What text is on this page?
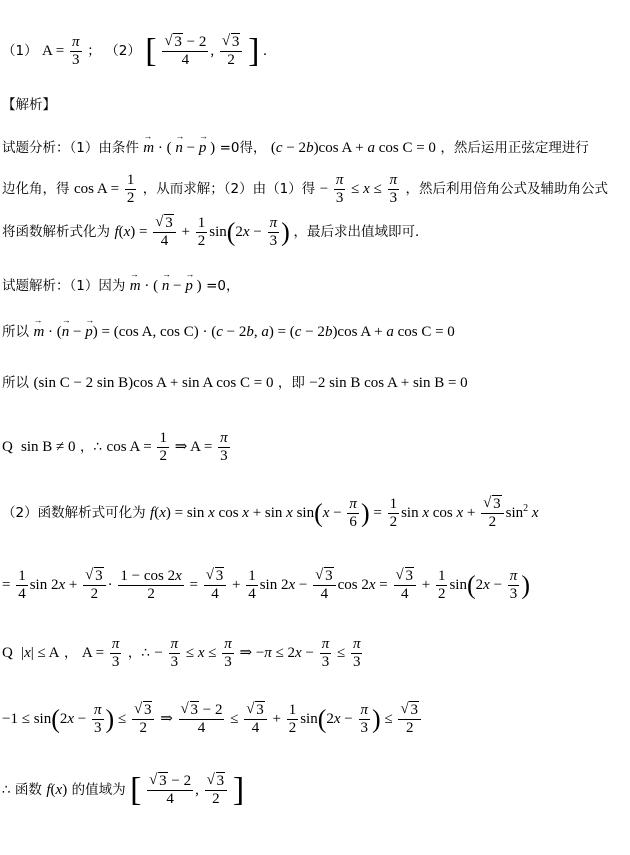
（1） $A = \frac{\pi}{3}$ ； （2） [ √ $\frac{3 - 2}{4}$ , √ $\frac{3}{2}$ ] .
【解析】
试题分析：（1）由条件 m → · ( n → − p → ) =0得， (c − 2b)cos A + a cos C = 0 ，然后运用正弦定理进行
边化角，得 $\cos A = \frac{1}{2}$ ，从而求解；（2）由（1）得 − $\frac{\pi}{3} \le x \le \frac{\pi}{3}$ ，然后利用倍角公式及辅助角公式
将函数解析式化为 f(x) = √ $\frac{3}{4} + \frac{1}{2} \sin(2x - \frac{\pi}{3}$ ) ，最后求出值域即可．
试题解析：（1）因为 m → · ( n → − p → ) =0，
所以 m → · (n → − p →) = (cos A, cos C) · (c − 2b, a) = (c − 2b)cos A + a cos C = 0
所以 (sin C − 2 sin B)cos A + sin A cos C = 0 ，即 −2 sin B cos A + sin B = 0
Q  sin B ≠ 0 ，∴ $\cos A = \frac{1}{2}$ ⇒ $A = \frac{\pi}{3}$
（2）函数解析式可化为 f(x) = sin x cos x + sin x $\sin(x - \frac{\pi}{6}$ ) = $\frac{1}{2}$ sin x cos x + √ $\frac{3}{2} \sin^2 x$
= $\frac{1}{4}$ sin 2x + √ $\frac{3}{2} \cdot \frac{1 - \cos 2x}{2}$ = √ $\frac{3}{4} + \frac{1}{4}$ sin 2x − √ $\frac{3}{4}$ cos 2x = √ $\frac{3}{4} + \frac{1}{2} \sin(2x - \frac{\pi}{3}$ )
Q  |x| ≤ A ， $A = \frac{\pi}{3}$ ，∴ − $\frac{\pi}{3} \le x \le \frac{\pi}{3}$ ⇒ $-\pi \le 2x - \frac{\pi}{3} \le \frac{\pi}{3}$
$-1 \le \sin(2x - \frac{\pi}{3}$ ) ≤ √ $\frac{3}{2}$ ⇒ √ $\frac{3 - 2}{4}$ ≤ √ $\frac{3}{4} + \frac{1}{2} \sin(2x - \frac{\pi}{3}$ ) ≤ √ $\frac{3}{2}$
∴ 函数 f(x) 的值域为 [ √ $\frac{3 - 2}{4}$ , √ $\frac{3}{2}$ ]
